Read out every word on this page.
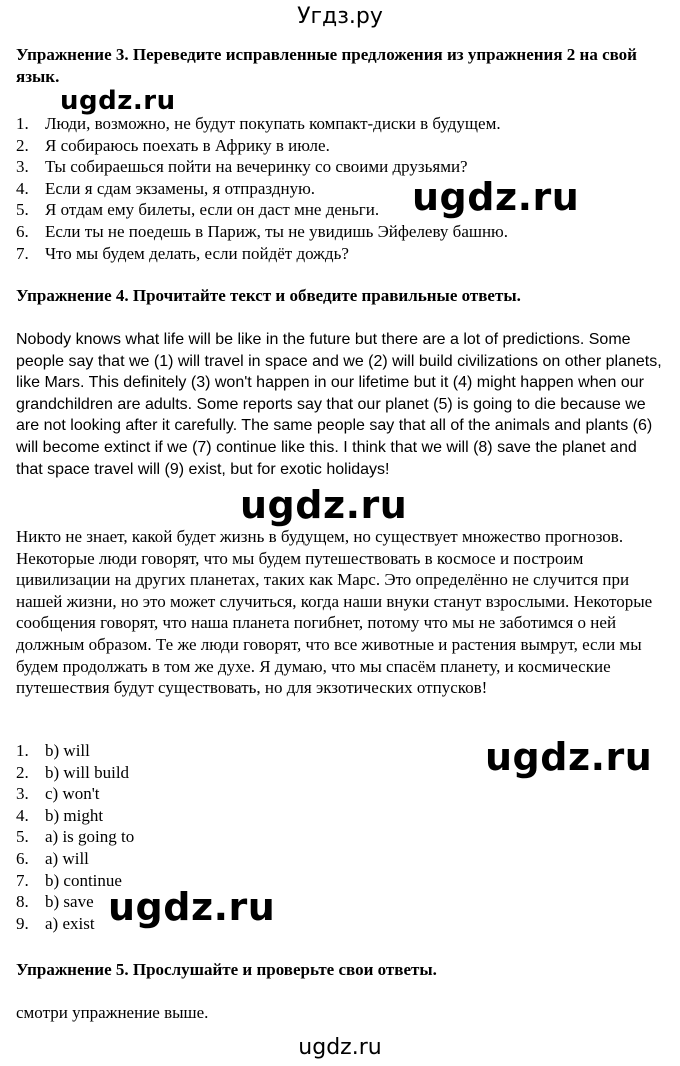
Угдз.ру
Упражнение 3. Переведите исправленные предложения из упражнения 2 на свой язык.
1. Люди, возможно, не будут покупать компакт-диски в будущем.
2. Я собираюсь поехать в Африку в июле.
3. Ты собираешься пойти на вечеринку со своими друзьями?
4. Если я сдам экзамены, я отпраздную.
5. Я отдам ему билеты, если он даст мне деньги.
6. Если ты не поедешь в Париж, ты не увидишь Эйфелеву башню.
7. Что мы будем делать, если пойдёт дождь?
Упражнение 4. Прочитайте текст и обведите правильные ответы.

Nobody knows what life will be like in the future but there are a lot of predictions. Some people say that we (1) will travel in space and we (2) will build civilizations on other planets, like Mars. This definitely (3) won't happen in our lifetime but it (4) might happen when our grandchildren are adults. Some reports say that our planet (5) is going to die because we are not looking after it carefully. The same people say that all of the animals and plants (6) will become extinct if we (7) continue like this. I think that we will (8) save the planet and that space travel will (9) exist, but for exotic holidays!

Никто не знает, какой будет жизнь в будущем, но существует множество прогнозов. Некоторые люди говорят, что мы будем путешествовать в космосе и построим цивилизации на других планетах, таких как Марс. Это определённо не случится при нашей жизни, но это может случиться, когда наши внуки станут взрослыми. Некоторые сообщения говорят, что наша планета погибнет, потому что мы не заботимся о ней должным образом. Те же люди говорят, что все животные и растения вымрут, если мы будем продолжать в том же духе. Я думаю, что мы спасём планету, и космические путешествия будут существовать, но для экзотических отпусков!

1. b) will
2. b) will build
3. c) won't
4. b) might
5. a) is going to
6. a) will
7. b) continue
8. b) save
9. a) exist
Упражнение 5. Прослушайте и проверьте свои ответы.
смотри упражнение выше.
ugdz.ru
ugdz.ru
ugdz.ru
ugdz.ru
ugdz.ru
ugdz.ru
